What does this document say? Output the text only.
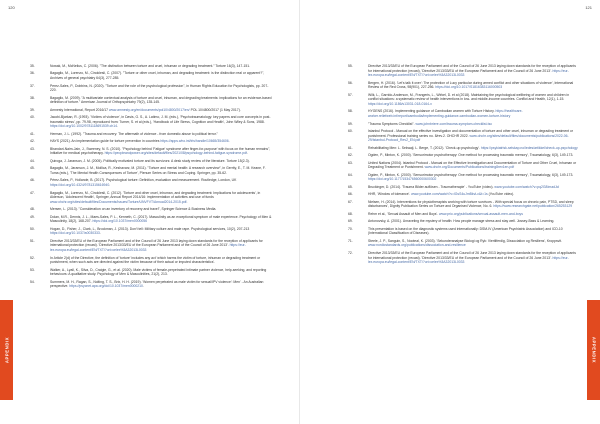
120
35.	Nowak, M., McNeilus, C. (2006). "The distinction between torture and cruel, inhuman or degrading treatment." Torture 16(3), 147-151.
36.	Bagaglio, M., Lorenzo, M., Cinoklesli, C. (2007). "Torture or other cruel, inhuman, and degrading treatment: is the distinction real or apparent?", Archives of general psychiatry 64(3), 277-285.
37.	Perez-Sales, P., Dobbins, N. (2020). "Torture and the role of the psychological profession", in Human Rights Education for Psychologists, pp. 207-220.
38.	Bagaglio, M. (2009). "A multivariate contextual analysis of torture and cruel, inhuman, and degrading treatments: implications for an evidence-based definition of torture." American Journal of Orthopsychiatry 79(2), 135-145.
39.	Amnesty International, Report 2016/17 www.amnesty.org/en/documents/pol10/4800/2017/en/ POL 10/4800/2017 (1 May 2017).
40.	Jacobi-Bjarkan, R. (1993). 'Victims of violence', in Davis, G. S., A. Latimo, J. M. (eds.), 'Psychotraumatology: key papers and core concepts in post-traumatic stress', pp. 79-98, reproduced from: Turner, S. et al (eds.), 'Handbook of Life Stress, Cognition and Health', John Wiley & Sons, 1988. https://doi.org/10.1002/9781118691539.ch14.
41.	Herman, J. L. (1992). "Trauma and recovery: The aftermath of violence - from domestic abuse to political terror."
42.	HAYS (2021). An implementation guide for torture prevention in countries https://apps.who.int/iris/handle/10665/354606.
43.	Bhandari-Naim-Jain, J., Sweeney, N. S. (2010). "Psychology behind 'Fatigue' syndrome after finger-for-purpose' with focus on the human remains", Initiative for medical psychotherapy. https://peopleandpower.org/sites/default/files/2021/08/psychology-behind-fatigue-syndrome.pdf.
44.	Quiroga, J. Jaranson, J. M. (2005). Politically motivated torture and its survivors: A desk study review of the literature. Torture 15(2-3).
45.	Bagaglio, M., Jaranson, J. M., Mollica, R., Keshavarz, M. (2011). "Torture and mental health: A research overview", in Gerrity, E., T. M. Keane, F. Tuma (eds.), 'The Mental Health Consequences of Torture', Plenum Series on Stress and Coping. Springer, pp. 35-62.
46.	Pérez-Sales, P., Hollande, B. (2017). Psychological torture: Definition, evaluation and measurement. Routledge, London, UK https://doi.org/10.4324/9781315616940.
47.	Bagaglio, M., Lorenzo, M., Cinoklesli, C. (2012). 'Torture and other cruel, inhuman, and degrading treatment: Implications for adolescents', in Alderson, 'Adolescent Health', Springer, Annual Report 2014/16: implementation of activities and use of funds www.ohchr.org/sites/default/files/Documents/Issues/Torture/UNVFVT/Annual2014-2015.pdf.
48.	Mersen, L. (2013). "Consideration on an inventory of recovery and travel", Springer Science & Business Media.
49.	Dolan, M.R., Dennis, J. L., Maes-Sales, P. L., Kenneth, C. (2017). Masculinity as an exceptional symptom of male experience. Psychology of Men & Masculinity, 18(2), 168-207. https://doi.org/10.1037/men0000056
50.	Hogan, D., Fisher, J., Clark, L., Brockman, J. (2013). Don't tell: Military culture and male rape. Psychological services, 10(2), 207-213 https://doi.org/10.1037/a0030333.
51.	Directive 2013/33/EU of the European Parliament and of the Council of 26 June 2013 laying down standards for the reception of applicants for international protection (recast). 'Directive 2013/33/EU of the European Parliament and of the Council of 26 June 2013'. https://eur-lex.europa.eu/legal-content/EN/TXT/?uri=celex%3A32013L0033
52.	In Article 2(d) of the Directive, the definition of 'torture' includes any act 'which harms the victim of torture, inhuman or degrading treatment or punishment, when such acts are directed against the victim because of their actual or imputed characteristics'.
53.	Walker, A., Lyall, K., Silva, D., Craigie, G., et al. (2020). Male victims of female-perpetrated intimate partner violence, help-seeking, and reporting behaviours: A qualitative study. Psychology of Men & Masculinities, 21(2), 213.
54.	Summers, M. H., Ragan, S., Nolting, T. S., Brix, H. H. (2019). 'Women perpetrated as male victim for sexual/IPV violence': Men' - An Australian perspective. https://psycnet.apa.org/doi/10.1037/men0000210.
APPENDIX
121
55.	Directive 2013/33/EU of the European Parliament and of the Council of 26 June 2013 laying down standards for the reception of applicants for international protection (recast), 'Directive 2013/33/EU of the European Parliament and of the Council of 26 June 2013'. https://eur-lex.europa.eu/legal-content/EN/TXT/?uri=celex%3A32013L0033
56.	Bergen, H. (2016). 'Let's talk it over': The protection of Lucy particular during armed conflict and other situations of violence', International Review of the Red Cross, 98(901), 227-256. https://doi.org/10.1017/S1816383116000503
57.	Wilk, L., Garrido-Anderson, M., Frangeris, L., Wirkel, D. et al (2018). Maintaining the psychological wellbeing of women and children in conflict situations: a systematic review of health interventions in low- and middle-income countries. Conflict and Health, 12(1), 1-15. https://doi.org/10.1186/s13031-018-0164-x
58.	HYGENS (2016). Implementing guidance of Cambodian women with Torture History. https://healthcare-worker.reliefweb.int/report/cambodia/implementing-guidance-cambodian-women-torture-history
59.	"Trauma Symptoms Checklist". www.johnbriere.com/trauma-symptom-checklist-tsc
60.	Istanbul Protocol - Manual on the effective investigation and documentation of torture and other cruel, inhuman or degrading treatment or punishment. Professional training series no. 8/rev.2. OHCHR 2022. www.ohchr.org/sites/default/files/documents/publications/2022-06-29/Istanbul-Protocol_Rev2_EN.pdf
61.	Rehabilitating Men: L. Sekwaji, L. Berge, T. (2012). 'Check-up psychology'. https://psykiatrisk-selskap.no/ledes/artikkel/check-up-psychology
62.	Ogden, P., Minton, K. (2000). 'Sensorimotor psychotherapy: One method for processing traumatic memory', Traumatology, 6(3), 149-173.
63.	United Nations (2004). Istanbul Protocol - Manual on the Effective Investigation and Documentation of Torture and Other Cruel, Inhuman or Degrading Treatment or Punishment. www.ohchr.org/Documents/Publications/training8rev1en.pdf
64.	Ogden, P., Minton, K. (2000). 'Sensorimotor psychotherapy: One method for processing traumatic memory', Traumatology, 6(3), 149-173. https://doi.org/10.1177/153476560000600302
65.	Bruckinger, D. (2014). 'Trauma Bilder auflösen - Traumatherapie' - YouTube (video). www.youtube.com/watch?v=pq2G8ImadJcI
66.	HHR, 'Window of tolerance'. www.youtube.com/watch?v=lGsS4uJmBkvLc&t=1s (YouTube video).
67.	Nielsen, H. (2014). Interventions for physiotherapists working with torture survivors - With special focus on chronic pain, PTSD, and sleep disturbances', Dignity Publication Series on Torture and Organised Violence, No. 6. https://www.researchgate.net/publication/265253129
68.	Rehm et al., 'Sexual Assault of Men and Boys'. www.prio.org/publications/sexual-assault-men-and-boys
69.	Antonovsky, A. (2001). Unraveling the mystery of health: How people manage stress and stay well. Jossey-Bass & Learning.
70.	This presentation is based on the diagnostic systems used internationally: DSM-IV (American Psychiatric Association) and ICD-10 (International Classification of Diseases).
71.	Steele, J. P., Sanguin, S., Nooteal, K. (2003). 'Sekunderanalyse Biologi og Ryk: Viertilferdig, Dissociation og Resiliens', Kroppsvit. www.nordicstandards.org/publications/dissociation-and-resilience
72.	Directive 2013/33/EU of the European Parliament and of the Council of 26 June 2013 laying down standards for the reception of applicants for international protection (recast). 'Directive 2013/33/EU of the European Parliament and of the Council of 26 June 2013'. https://eur-lex.europa.eu/legal-content/EN/TXT/?uri=celex%3A32013L0033
APPENDIX
